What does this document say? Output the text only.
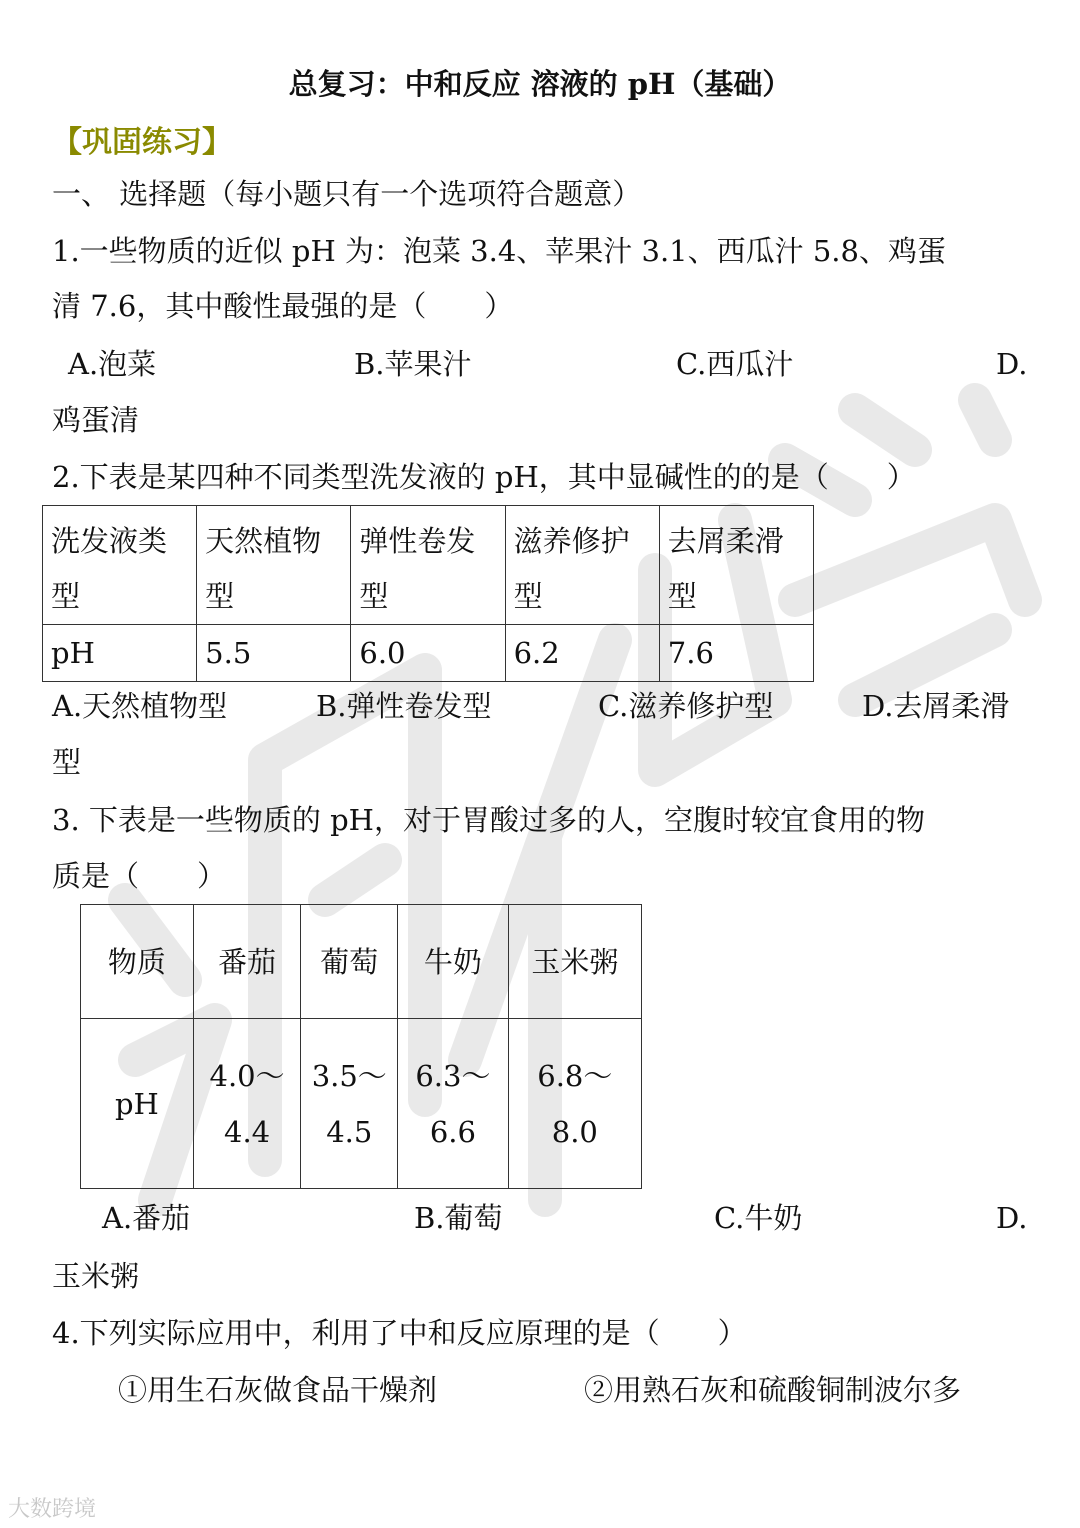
总复习：中和反应 溶液的 pH（基础）
【巩固练习】
一、 选择题（每小题只有一个选项符合题意）
1.一些物质的近似 pH 为：泡菜 3.4、苹果汁 3.1、西瓜汁 5.8、鸡蛋
清 7.6，其中酸性最强的是（　　）
A.泡菜	B.苹果汁	C.西瓜汁	D.
鸡蛋清
2.下表是某四种不同类型洗发液的 pH，其中显碱性的的是（　　）
洗发液类型	天然植物型	弹性卷发型	滋养修护型	去屑柔滑型
pH	5.5	6.0	6.2	7.6
A.天然植物型	B.弹性卷发型	C.滋养修护型	D.去屑柔滑
型
3. 下表是一些物质的 pH，对于胃酸过多的人，空腹时较宜食用的物
质是（　　）
物质	番茄	葡萄	牛奶	玉米粥
pH	4.0～4.4	3.5～4.5	6.3～6.6	6.8～8.0
A.番茄	B.葡萄	C.牛奶	D.
玉米粥
4.下列实际应用中，利用了中和反应原理的是（　　）
①用生石灰做食品干燥剂	②用熟石灰和硫酸铜制波尔多
大数跨境
